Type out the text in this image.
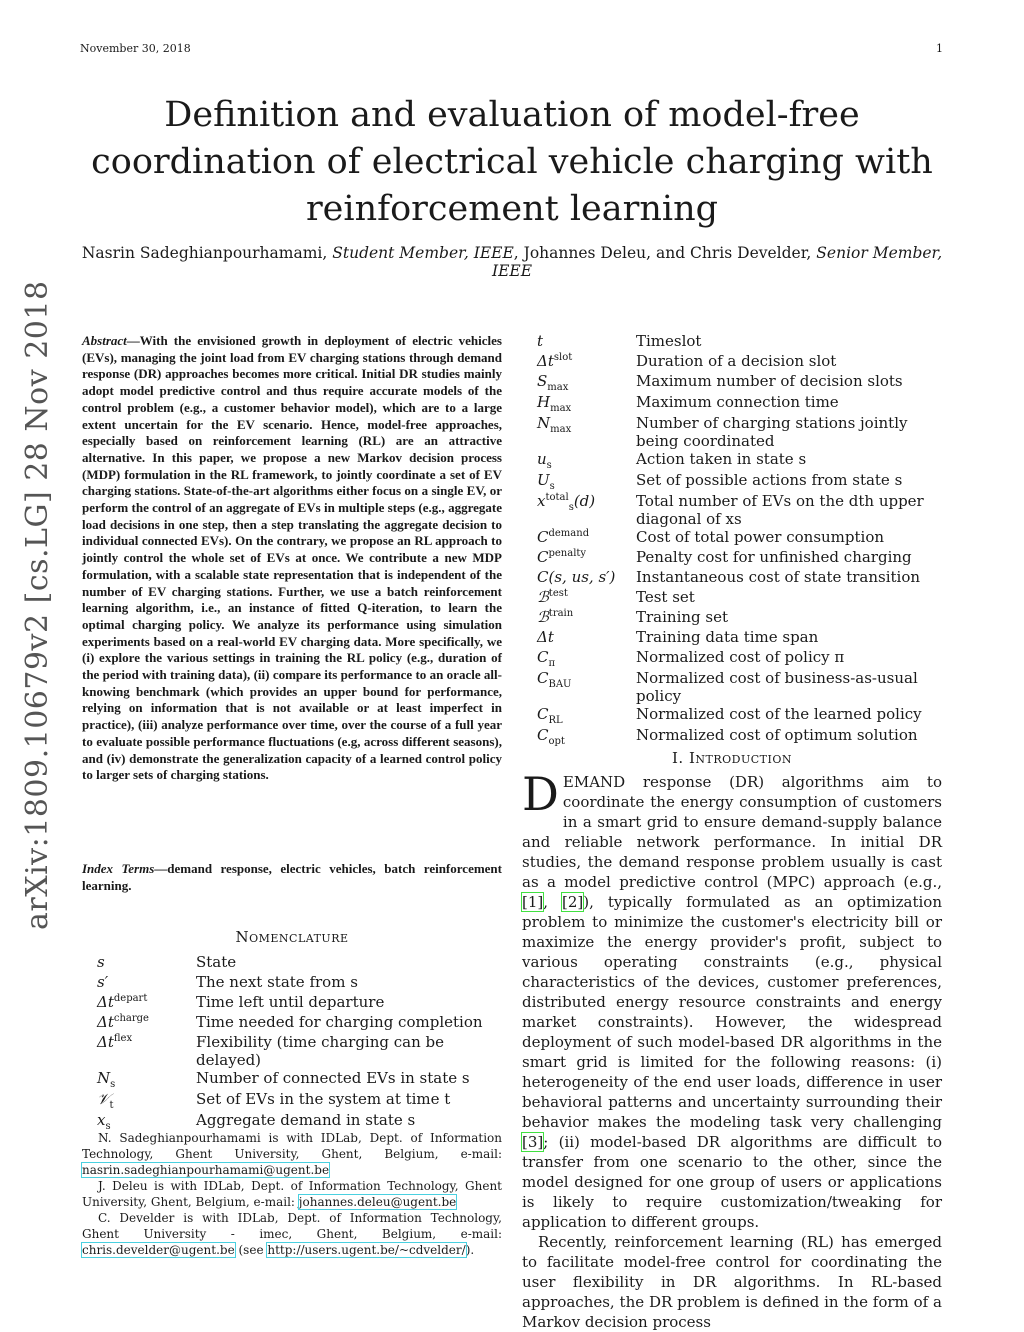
November 30, 2018	1
Definition and evaluation of model-free coordination of electrical vehicle charging with reinforcement learning
Nasrin Sadeghianpourhamami, Student Member, IEEE, Johannes Deleu, and Chris Develder, Senior Member, IEEE
arXiv:1809.10679v2 [cs.LG] 28 Nov 2018 Abstract—With the envisioned growth in deployment of electric vehicles (EVs), managing the joint load from EV charging stations through demand response (DR) approaches becomes more critical. Initial DR studies mainly adopt model predictive control and thus require accurate models of the control problem (e.g., a customer behavior model), which are to a large extent uncertain for the EV scenario. Hence, model-free approaches, especially based on reinforcement learning (RL) are an attractive alternative. In this paper, we propose a new Markov decision process (MDP) formulation in the RL framework, to jointly coordinate a set of EV charging stations. State-of-the-art algorithms either focus on a single EV, or perform the control of an aggregate of EVs in multiple steps (e.g., aggregate load decisions in one step, then a step translating the aggregate decision to individual connected EVs). On the contrary, we propose an RL approach to jointly control the whole set of EVs at once. We contribute a new MDP formulation, with a scalable state representation that is independent of the number of EV charging stations. Further, we use a batch reinforcement learning algorithm, i.e., an instance of fitted Q-iteration, to learn the optimal charging policy. We analyze its performance using simulation experiments based on a real-world EV charging data. More specifically, we (i) explore the various settings in training the RL policy (e.g., duration of the period with training data), (ii) compare its performance to an oracle all-knowing benchmark (which provides an upper bound for performance, relying on information that is not available or at least imperfect in practice), (iii) analyze performance over time, over the course of a full year to evaluate possible performance fluctuations (e.g, across different seasons), and (iv) demonstrate the generalization capacity of a learned control policy to larger sets of charging stations.
Index Terms—demand response, electric vehicles, batch reinforcement learning.
Nomenclature
s	State
s′	The next state from s
$\Delta t^{depart}$	Time left until departure
$\Delta t^{charge}$	Time needed for charging completion
$\Delta t^{flex}$	Flexibility (time charging can be delayed)
$N_s$	Number of connected EVs in state s
𝒱$_t$	Set of EVs in the system at time t
$x_s$	Aggregate demand in state s
t	Timeslot
$\Delta t^{slot}$	Duration of a decision slot
$S_{max}$	Maximum number of decision slots
$H_{max}$	Maximum connection time
$N_{max}$	Number of charging stations jointly being coordinated
$u_s$	Action taken in state s
$U_s$	Set of possible actions from state s
$x^{total}_s(d)$	Total number of EVs on the dth upper diagonal of xs
$C^{demand}$	Cost of total power consumption
$C^{penalty}$	Penalty cost for unfinished charging
C(s, us, s′)	Instantaneous cost of state transition
ℬ$^{test}$	Test set
ℬ$^{train}$	Training set
Δt	Training data time span
$C_\pi$	Normalized cost of policy π
$C_{BAU}$	Normalized cost of business-as-usual policy
$C_{RL}$	Normalized cost of the learned policy
$C_{opt}$	Normalized cost of optimum solution

N. Sadeghianpourhamami is with IDLab, Dept. of Information Technology, Ghent University, Ghent, Belgium, e-mail: nasrin.sadeghianpourhamami@ugent.be

J. Deleu is with IDLab, Dept. of Information Technology, Ghent University, Ghent, Belgium, e-mail: johannes.deleu@ugent.be

C. Develder is with IDLab, Dept. of Information Technology, Ghent University - imec, Ghent, Belgium, e-mail: chris.develder@ugent.be (see http://users.ugent.be/~cdvelder/).

I. Introduction

DEMAND response (DR) algorithms aim to coordinate the energy consumption of customers in a smart grid to ensure demand-supply balance and reliable network performance. In initial DR studies, the demand response problem usually is cast as a model predictive control (MPC) approach (e.g., [1], [2]), typically formulated as an optimization problem to minimize the customer's electricity bill or maximize the energy provider's profit, subject to various operating constraints (e.g., physical characteristics of the devices, customer preferences, distributed energy resource constraints and energy market constraints). However, the widespread deployment of such model-based DR algorithms in the smart grid is limited for the following reasons: (i) heterogeneity of the end user loads, difference in user behavioral patterns and uncertainty surrounding their behavior makes the modeling task very challenging [3]; (ii) model-based DR algorithms are difficult to transfer from one scenario to the other, since the model designed for one group of users or applications is likely to require customization/tweaking for application to different groups.

Recently, reinforcement learning (RL) has emerged to facilitate model-free control for coordinating the user flexibility in DR algorithms. In RL-based approaches, the DR problem is defined in the form of a Markov decision process
